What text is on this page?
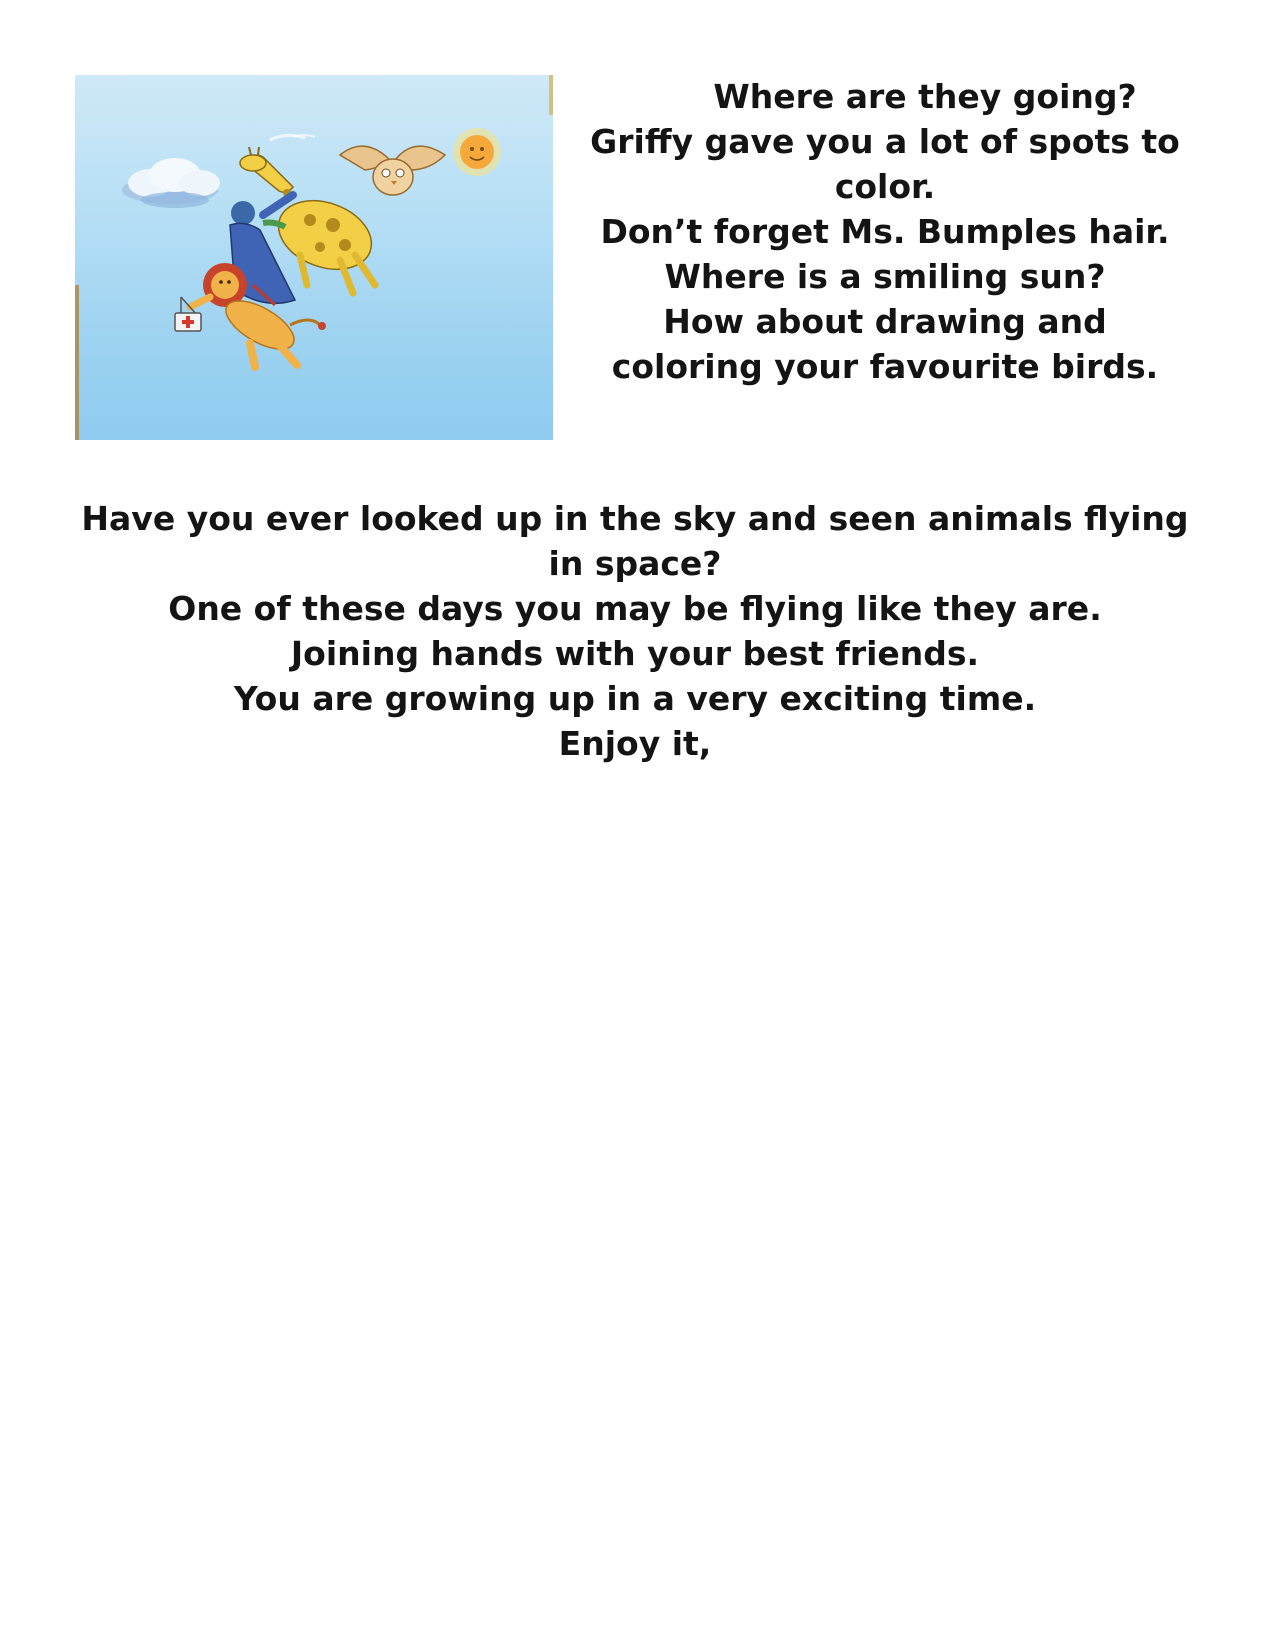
Where are they going?

Griffy gave you a lot of spots to color.

Don’t forget Ms. Bumples hair.

Where is a smiling sun?

How about drawing and coloring your favourite birds.

Have you ever looked up in the sky and seen animals flying in space?

One of these days you may be flying like they are.

Joining hands with your best friends.

You are growing up in a very exciting time.

Enjoy it,
